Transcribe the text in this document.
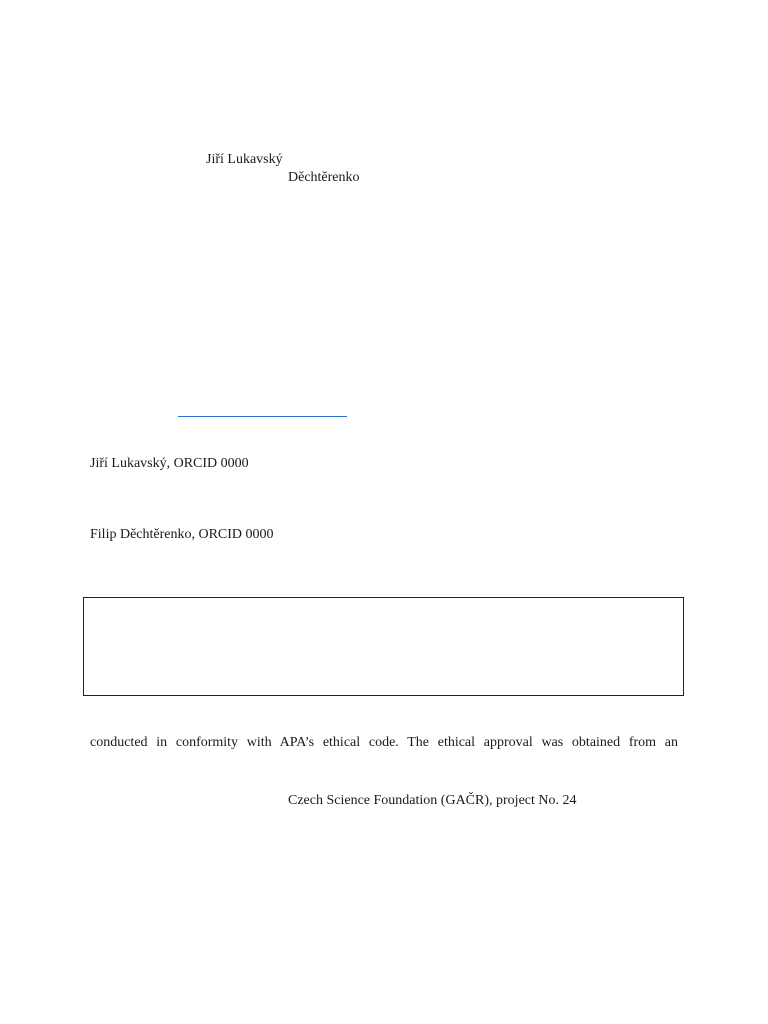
Jiří Lukavský
Děchtěrenko
Jiří Lukavský, ORCID 0000
Filip Děchtěrenko, ORCID 0000
conducted in conformity with APA’s ethical code. The ethical approval was obtained from an
Czech Science Foundation (GAČR), project No. 24
